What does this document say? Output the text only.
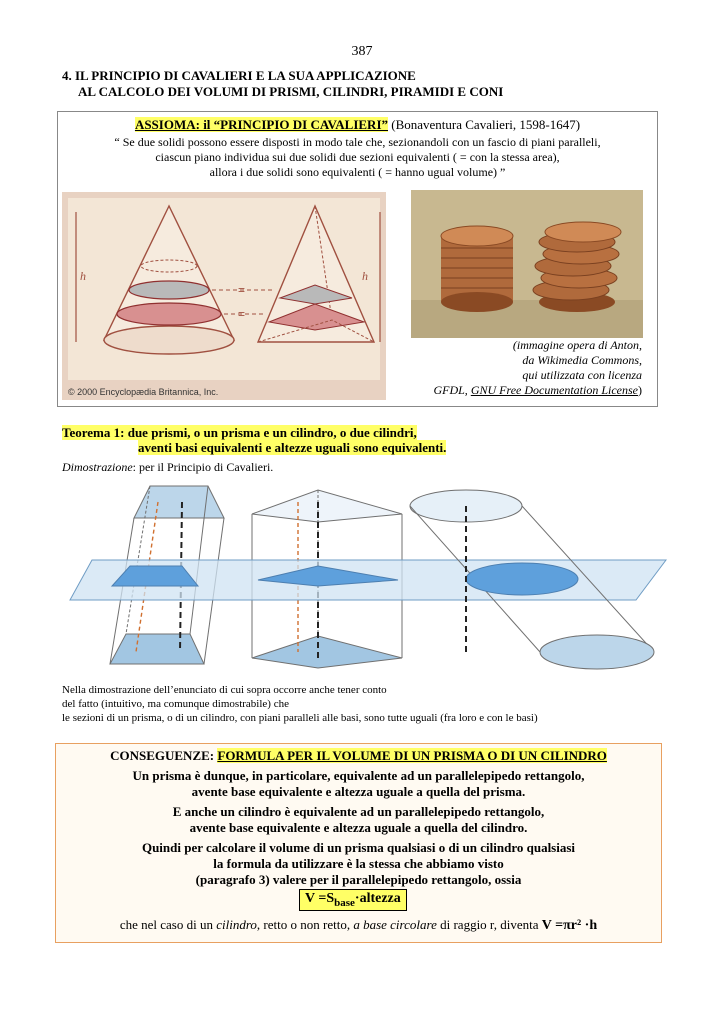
387
4. IL PRINCIPIO DI CAVALIERI E LA SUA APPLICAZIONE
AL CALCOLO DEI VOLUMI DI PRISMI, CILINDRI, PIRAMIDI E CONI
ASSIOMA: il “PRINCIPIO DI CAVALIERI” (Bonaventura Cavalieri, 1598-1647)
“ Se due solidi possono essere disposti in modo tale che, sezionandoli con un fascio di piani paralleli,
ciascun piano individua sui due solidi due sezioni equivalenti ( = con la stessa area),
allora i due solidi sono equivalenti ( = hanno ugual volume) ”
h	h
=
=
© 2000 Encyclopædia Britannica, Inc.
(immagine opera di Anton,
da Wikimedia Commons,
qui utilizzata con licenza
GFDL, GNU Free Documentation License)
Teorema 1: due prismi, o un prisma e un cilindro, o due cilindri,
aventi basi equivalenti e altezze uguali sono equivalenti.
Dimostrazione: per il Principio di Cavalieri.
Nella dimostrazione dell’enunciato di cui sopra occorre anche tener conto
del fatto (intuitivo, ma comunque dimostrabile) che
le sezioni di un prisma, o di un cilindro, con piani paralleli alle basi, sono tutte uguali (fra loro e con le basi)
CONSEGUENZE: FORMULA PER IL VOLUME DI UN PRISMA O DI UN CILINDRO
Un prisma è dunque, in particolare, equivalente ad un parallelepipedo rettangolo,
avente base equivalente e altezza uguale a quella del prisma.
E anche un cilindro è equivalente ad un parallelepipedo rettangolo,
avente base equivalente e altezza uguale a quella del cilindro.
Quindi per calcolare il volume di un prisma qualsiasi o di un cilindro qualsiasi
la formula da utilizzare è la stessa che abbiamo visto
(paragrafo 3) valere per il parallelepipedo rettangolo, ossia
$V =S_{base}\cdot altezza$
che nel caso di un cilindro, retto o non retto, a base circolare di raggio r, diventa V =πr² ·h
